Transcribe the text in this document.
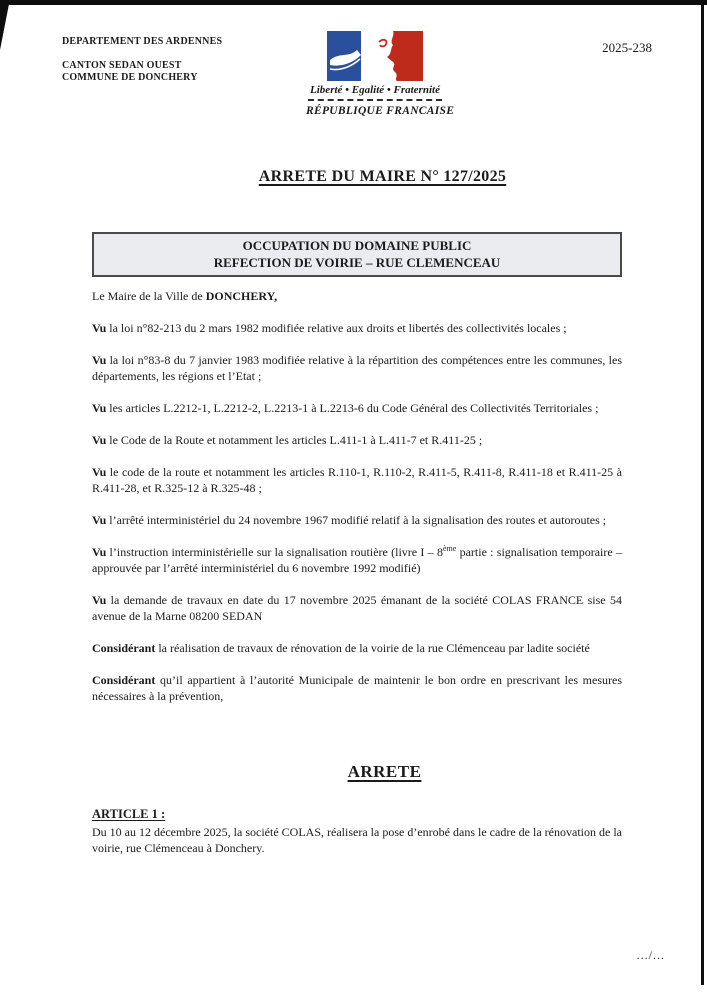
DEPARTEMENT DES ARDENNES
CANTON SEDAN OUEST
COMMUNE DE DONCHERY
2025-238
Liberté • Egalité • Fraternité
RÉPUBLIQUE FRANCAISE
ARRETE DU MAIRE N° 127/2025
OCCUPATION DU DOMAINE PUBLIC
REFECTION DE VOIRIE – RUE CLEMENCEAU

Le Maire de la Ville de DONCHERY,

Vu la loi n°82-213 du 2 mars 1982 modifiée relative aux droits et libertés des collectivités locales ;

Vu la loi n°83-8 du 7 janvier 1983 modifiée relative à la répartition des compétences entre les communes, les départements, les régions et l’Etat ;

Vu les articles L.2212-1, L.2212-2, L.2213-1 à L.2213-6 du Code Général des Collectivités Territoriales ;

Vu le Code de la Route et notamment les articles L.411-1 à L.411-7 et R.411-25 ;

Vu le code de la route et notamment les articles R.110-1, R.110-2, R.411-5, R.411-8, R.411-18 et R.411-25 à R.411-28, et R.325-12 à R.325-48 ;

Vu l’arrêté interministériel du 24 novembre 1967 modifié relatif à la signalisation des routes et autoroutes ;

Vu l’instruction interministérielle sur la signalisation routière (livre I – 8ème partie : signalisation temporaire – approuvée par l’arrêté interministériel du 6 novembre 1992 modifié)

Vu la demande de travaux en date du 17 novembre 2025 émanant de la société COLAS FRANCE sise 54 avenue de la Marne 08200 SEDAN

Considérant la réalisation de travaux de rénovation de la voirie de la rue Clémenceau par ladite société

Considérant qu’il appartient à l’autorité Municipale de maintenir le bon ordre en prescrivant les mesures nécessaires à la prévention,

ARRETE
ARTICLE 1 :

Du 10 au 12 décembre 2025, la société COLAS, réalisera la pose d’enrobé dans le cadre de la rénovation de la voirie, rue Clémenceau à Donchery.

.../...
